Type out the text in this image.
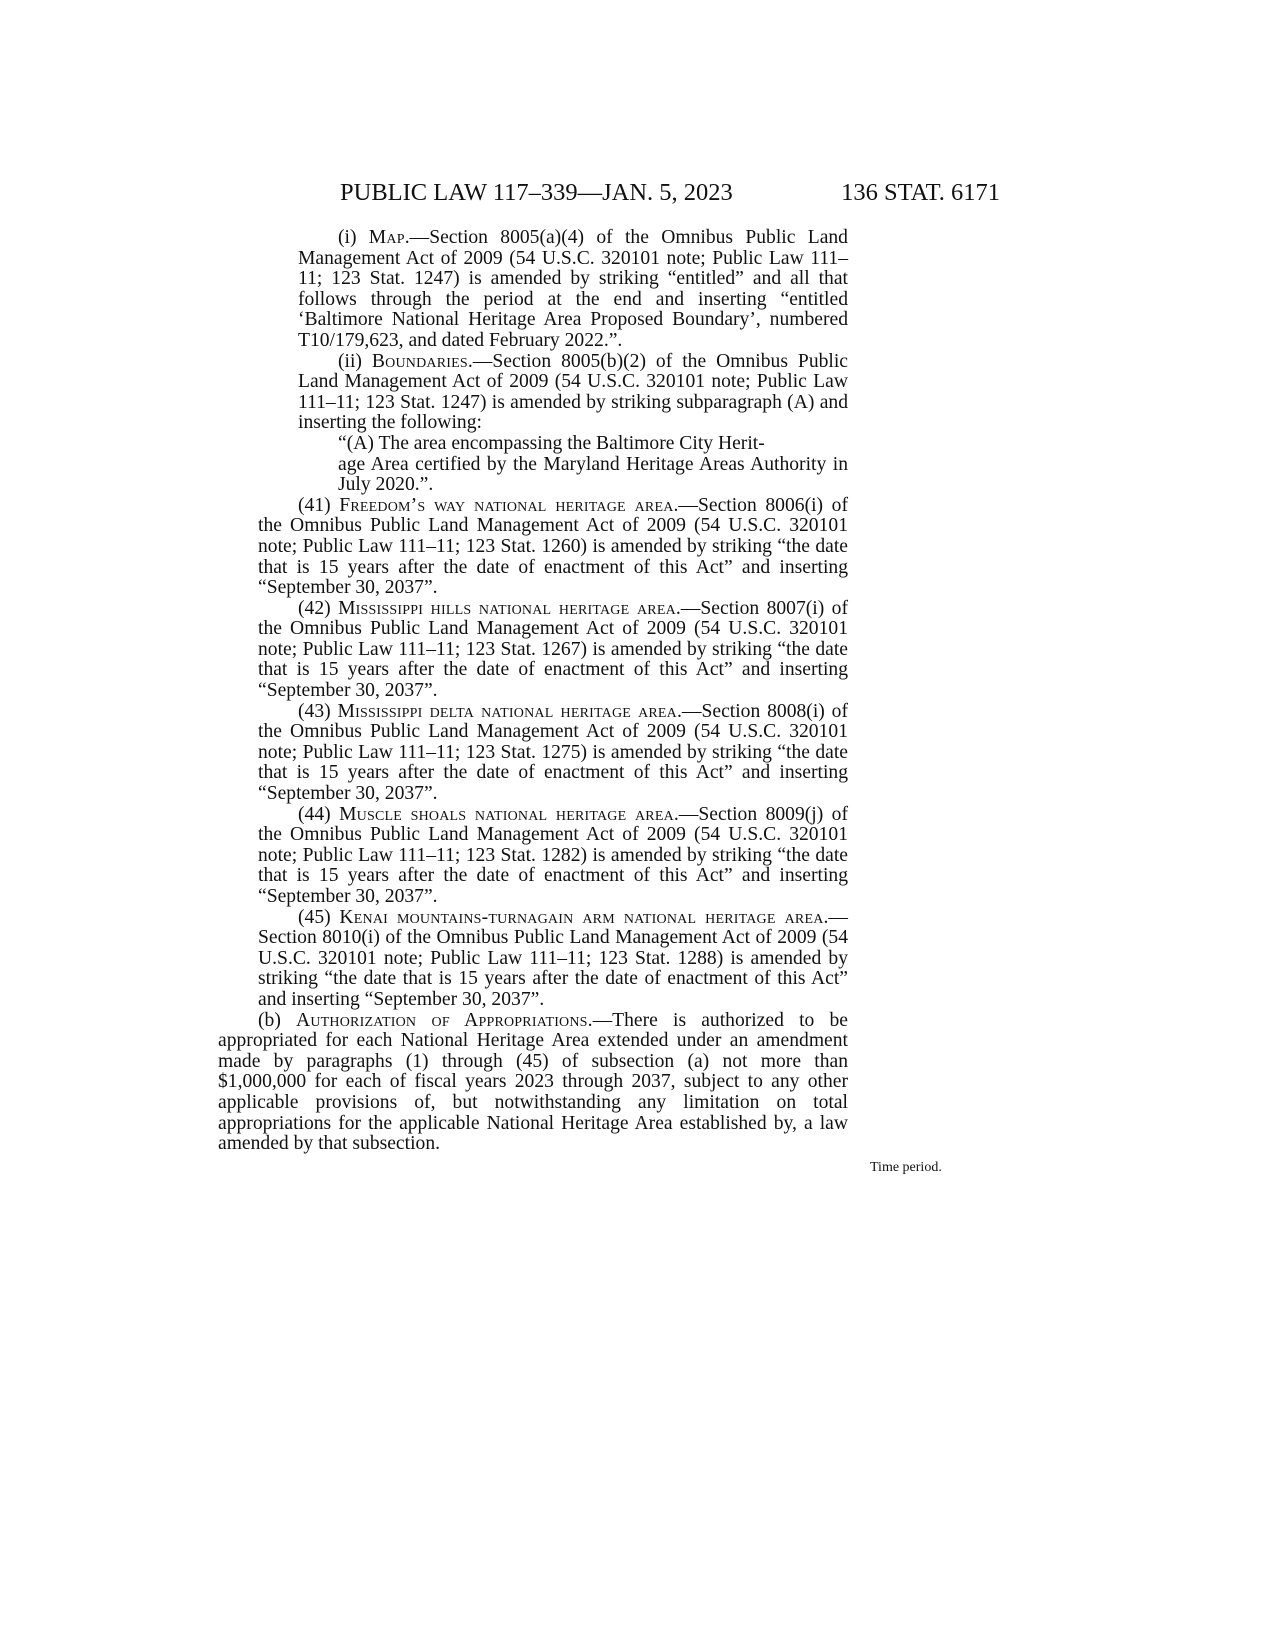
PUBLIC LAW 117–339—JAN. 5, 2023	136 STAT. 6171

(i) Map.—Section 8005(a)(4) of the Omnibus Public Land Management Act of 2009 (54 U.S.C. 320101 note; Public Law 111–11; 123 Stat. 1247) is amended by striking “entitled” and all that follows through the period at the end and inserting “entitled ‘Baltimore National Heritage Area Proposed Boundary’, numbered T10/179,623, and dated February 2022.”.

(ii) Boundaries.—Section 8005(b)(2) of the Omnibus Public Land Management Act of 2009 (54 U.S.C. 320101 note; Public Law 111–11; 123 Stat. 1247) is amended by striking subparagraph (A) and inserting the following:

“(A) The area encompassing the Baltimore City Herit-
age Area certified by the Maryland Heritage Areas Authority in July 2020.”.

(41) Freedom’s way national heritage area.—Section 8006(i) of the Omnibus Public Land Management Act of 2009 (54 U.S.C. 320101 note; Public Law 111–11; 123 Stat. 1260) is amended by striking “the date that is 15 years after the date of enactment of this Act” and inserting “September 30, 2037”.

(42) Mississippi hills national heritage area.—Section 8007(i) of the Omnibus Public Land Management Act of 2009 (54 U.S.C. 320101 note; Public Law 111–11; 123 Stat. 1267) is amended by striking “the date that is 15 years after the date of enactment of this Act” and inserting “September 30, 2037”.

(43) Mississippi delta national heritage area.—Section 8008(i) of the Omnibus Public Land Management Act of 2009 (54 U.S.C. 320101 note; Public Law 111–11; 123 Stat. 1275) is amended by striking “the date that is 15 years after the date of enactment of this Act” and inserting “September 30, 2037”.

(44) Muscle shoals national heritage area.—Section 8009(j) of the Omnibus Public Land Management Act of 2009 (54 U.S.C. 320101 note; Public Law 111–11; 123 Stat. 1282) is amended by striking “the date that is 15 years after the date of enactment of this Act” and inserting “September 30, 2037”.

(45) Kenai mountains-turnagain arm national heritage area.—Section 8010(i) of the Omnibus Public Land Management Act of 2009 (54 U.S.C. 320101 note; Public Law 111–11; 123 Stat. 1288) is amended by striking “the date that is 15 years after the date of enactment of this Act” and inserting “September 30, 2037”.

(b) Authorization of Appropriations.—There is authorized to be appropriated for each National Heritage Area extended under an amendment made by paragraphs (1) through (45) of subsection (a) not more than $1,000,000 for each of fiscal years 2023 through 2037, subject to any other applicable provisions of, but notwithstanding any limitation on total appropriations for the applicable National Heritage Area established by, a law amended by that subsection.

Time period.
